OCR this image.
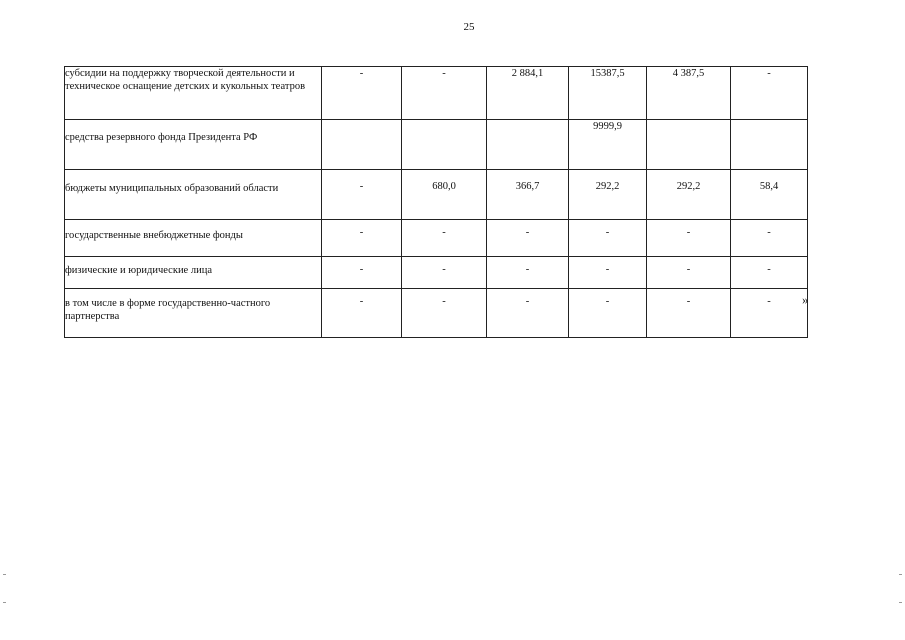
25
субсидии на поддержку творческой деятельности и техническое оснащение детских и кукольных театров	-	-	2 884,1	15387,5	4 387,5	-
средства резервного фонда Президента РФ				9999,9		
бюджеты муниципальных образований области	-	680,0	366,7	292,2	292,2	58,4
государственные внебюджетные фонды	-	-	-	-	-	-
физические и юридические лица	-	-	-	-	-	-
в том числе в форме государственно-частного партнерства	-	-	-	-	-	- »
